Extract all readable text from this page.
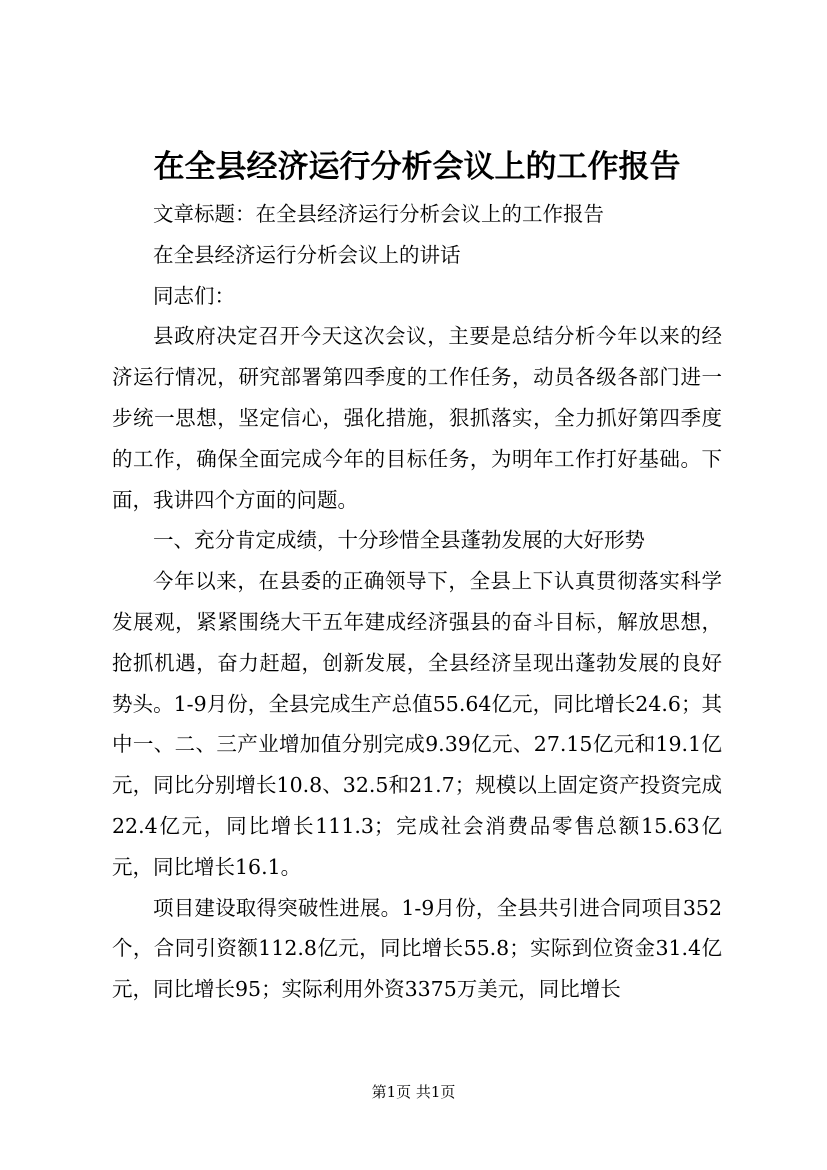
在全县经济运行分析会议上的工作报告

文章标题：在全县经济运行分析会议上的工作报告

在全县经济运行分析会议上的讲话

同志们：

县政府决定召开今天这次会议，主要是总结分析今年以来的经济运行情况，研究部署第四季度的工作任务，动员各级各部门进一步统一思想，坚定信心，强化措施，狠抓落实，全力抓好第四季度的工作，确保全面完成今年的目标任务，为明年工作打好基础。下面，我讲四个方面的问题。

一、充分肯定成绩，十分珍惜全县蓬勃发展的大好形势

今年以来，在县委的正确领导下，全县上下认真贯彻落实科学发展观，紧紧围绕大干五年建成经济强县的奋斗目标，解放思想，抢抓机遇，奋力赶超，创新发展，全县经济呈现出蓬勃发展的良好势头。1-9月份，全县完成生产总值55.64亿元，同比增长24.6；其中一、二、三产业增加值分别完成9.39亿元、27.15亿元和19.1亿元，同比分别增长10.8、32.5和21.7；规模以上固定资产投资完成22.4亿元，同比增长111.3；完成社会消费品零售总额15.63亿元，同比增长16.1。

项目建设取得突破性进展。1-9月份，全县共引进合同项目352个，合同引资额112.8亿元，同比增长55.8；实际到位资金31.4亿元，同比增长95；实际利用外资3375万美元，同比增长

第1页 共1页
